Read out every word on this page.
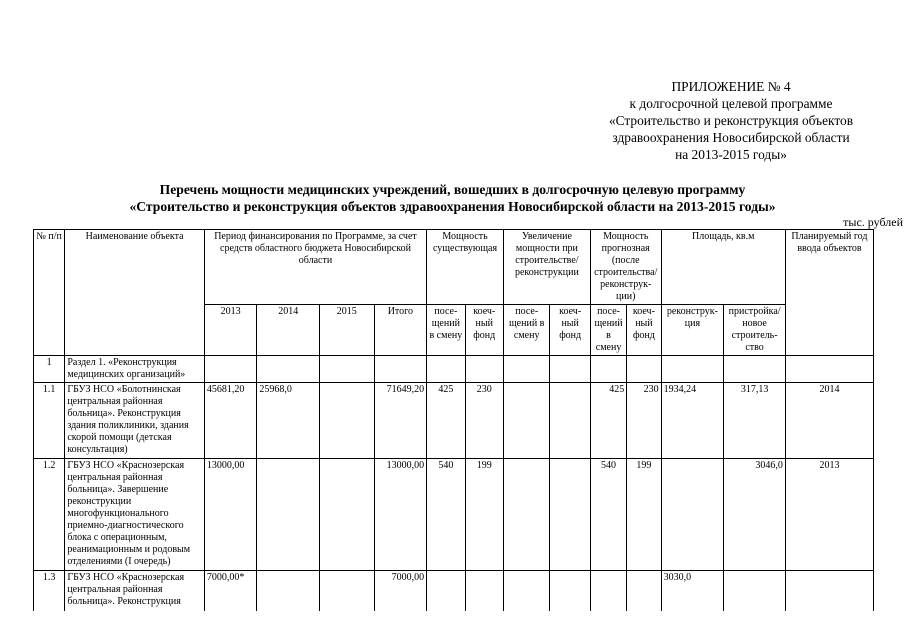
ПРИЛОЖЕНИЕ № 4
к долгосрочной целевой программе
«Строительство и реконструкция объектов
здравоохранения Новосибирской области
на 2013-2015 годы»
Перечень мощности медицинских учреждений, вошедших в долгосрочную целевую программу
«Строительство и реконструкция объектов здравоохранения Новосибирской области на 2013-2015 годы»
тыс. рублей
№ п/п	Наименование объекта	Период финансирования по Программе, за счет средств областного бюджета Новосибирской области				Мощность существующая		Увеличение мощности при строительстве/ реконструкции		Мощность прогнозная (после строительства/ реконструк-ции)		Площадь, кв.м		Планируемый год ввода объектов
		2013	2014	2015	Итого	посе-щений в смену	коеч-ный фонд	посе-щений в смену	коеч-ный фонд	посе-щений в смену	коеч-ный фонд	реконструк-ция	пристройка/ новое строитель-ство	
1	Раздел 1. «Реконструкция медицинских организаций»													
1.1	ГБУЗ НСО «Болотнинская центральная районная больница». Реконструкция здания поликлиники, здания скорой помощи (детская консультация)	45681,20	25968,0		71649,20	425	230			425	230	1934,24	317,13	2014
1.2	ГБУЗ НСО «Краснозерская центральная районная больница». Завершение реконструкции многофункционального приемно-диагностического блока с операционным, реанимационным и родовым отделениями (I очередь)	13000,00			13000,00	540	199			540	199		3046,0	2013
1.3	ГБУЗ НСО «Краснозерская центральная районная больница». Реконструкция	7000,00*			7000,00							3030,0		
